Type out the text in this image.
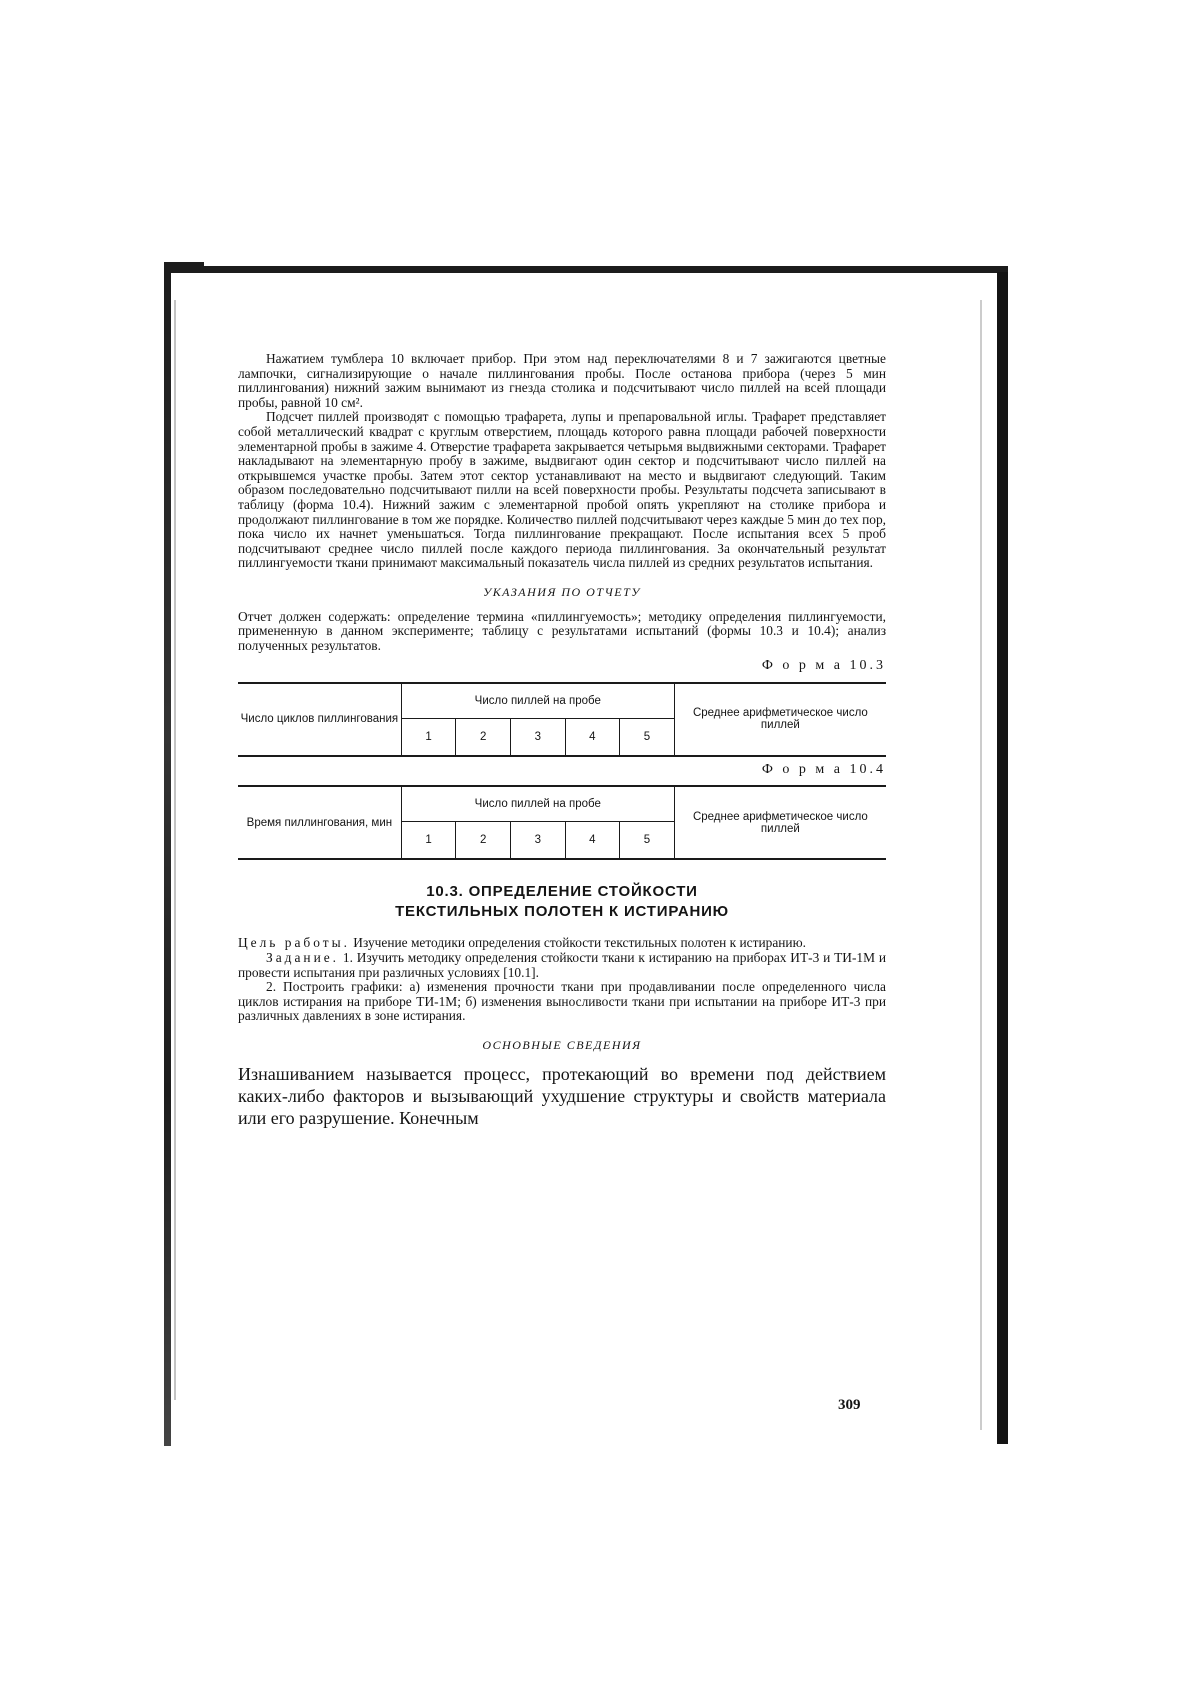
Нажатием тумблера 10 включает прибор. При этом над переключателями 8 и 7 зажигаются цветные лампочки, сигнализирующие о начале пиллингования пробы. После останова прибора (через 5 мин пиллингования) нижний зажим вынимают из гнезда столика и подсчитывают число пиллей на всей площади пробы, равной 10 см².

Подсчет пиллей производят с помощью трафарета, лупы и препаровальной иглы. Трафарет представляет собой металлический квадрат с круглым отверстием, площадь которого равна площади рабочей поверхности элементарной пробы в зажиме 4. Отверстие трафарета закрывается четырьмя выдвижными секторами. Трафарет накладывают на элементарную пробу в зажиме, выдвигают один сектор и подсчитывают число пиллей на открывшемся участке пробы. Затем этот сектор устанавливают на место и выдвигают следующий. Таким образом последовательно подсчитывают пилли на всей поверхности пробы. Результаты подсчета записывают в таблицу (форма 10.4). Нижний зажим с элементарной пробой опять укрепляют на столике прибора и продолжают пиллингование в том же порядке. Количество пиллей подсчитывают через каждые 5 мин до тех пор, пока число их начнет уменьшаться. Тогда пиллингование прекращают. После испытания всех 5 проб подсчитывают среднее число пиллей после каждого периода пиллингования. За окончательный результат пиллингуемости ткани принимают максимальный показатель числа пиллей из средних результатов испытания.

УКАЗАНИЯ ПО ОТЧЕТУ

Отчет должен содержать: определение термина «пиллингуемость»; методику определения пиллингуемости, примененную в данном эксперименте; таблицу с результатами испытаний (формы 10.3 и 10.4); анализ полученных результатов.

Ф о р м а 10.3
Число циклов пиллингования	Число пиллей на пробе					Среднее арифметическое число пиллей
	1	2	3	4	5	
Ф о р м а 10.4
Время пиллингования, мин	Число пиллей на пробе					Среднее арифметическое число пиллей
	1	2	3	4	5	
10.3. ОПРЕДЕЛЕНИЕ СТОЙКОСТИ
ТЕКСТИЛЬНЫХ ПОЛОТЕН К ИСТИРАНИЮ

Цель работы. Изучение методики определения стойкости текстильных полотен к истиранию.

Задание. 1. Изучить методику определения стойкости ткани к истиранию на приборах ИТ-3 и ТИ-1М и провести испытания при различных условиях [10.1].

2. Построить графики: а) изменения прочности ткани при продавливании после определенного числа циклов истирания на приборе ТИ-1М; б) изменения выносливости ткани при испытании на приборе ИТ-3 при различных давлениях в зоне истирания.

ОСНОВНЫЕ СВЕДЕНИЯ

Изнашиванием называется процесс, протекающий во времени под действием каких-либо факторов и вызывающий ухудшение структуры и свойств материала или его разрушение. Конечным

309
